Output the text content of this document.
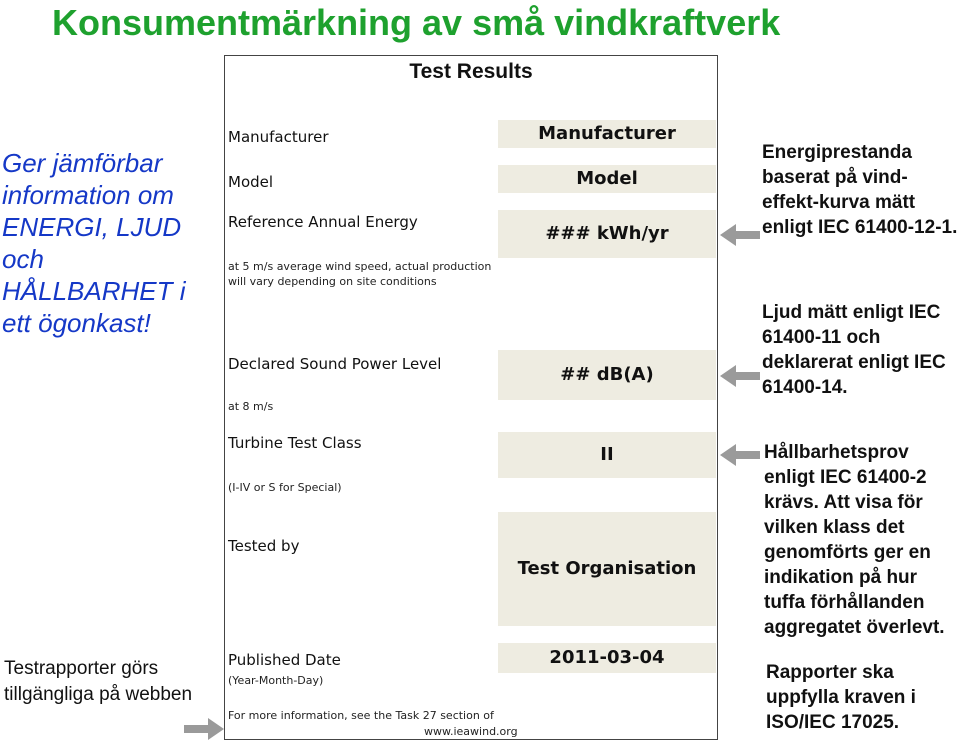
Konsumentmärkning av små vindkraftverk
Ger jämförbar information om ENERGI, LJUD och HÅLLBARHET i ett ögonkast!
Testrapporter görs tillgängliga på webben
Test Results
Manufacturer
Model
Reference Annual Energy
at 5 m/s average wind speed, actual production will vary depending on site conditions
Declared Sound Power Level
at 8 m/s
Turbine Test Class
(I-IV or S for Special)
Tested by
Published Date
(Year-Month-Day)
For more information, see the Task 27 section of
www.ieawind.org
Manufacturer
Model
### kWh/yr
## dB(A)
II
Test Organisation
2011-03-04
Energiprestanda baserat på vind-effekt-kurva mätt enligt IEC 61400-12-1.
Ljud mätt enligt IEC 61400-11 och deklarerat enligt IEC 61400-14.
Hållbarhetsprov enligt IEC 61400-2 krävs. Att visa för vilken klass det genomförts ger en indikation på hur tuffa förhållanden aggregatet överlevt.
Rapporter ska uppfylla kraven i ISO/IEC 17025.
